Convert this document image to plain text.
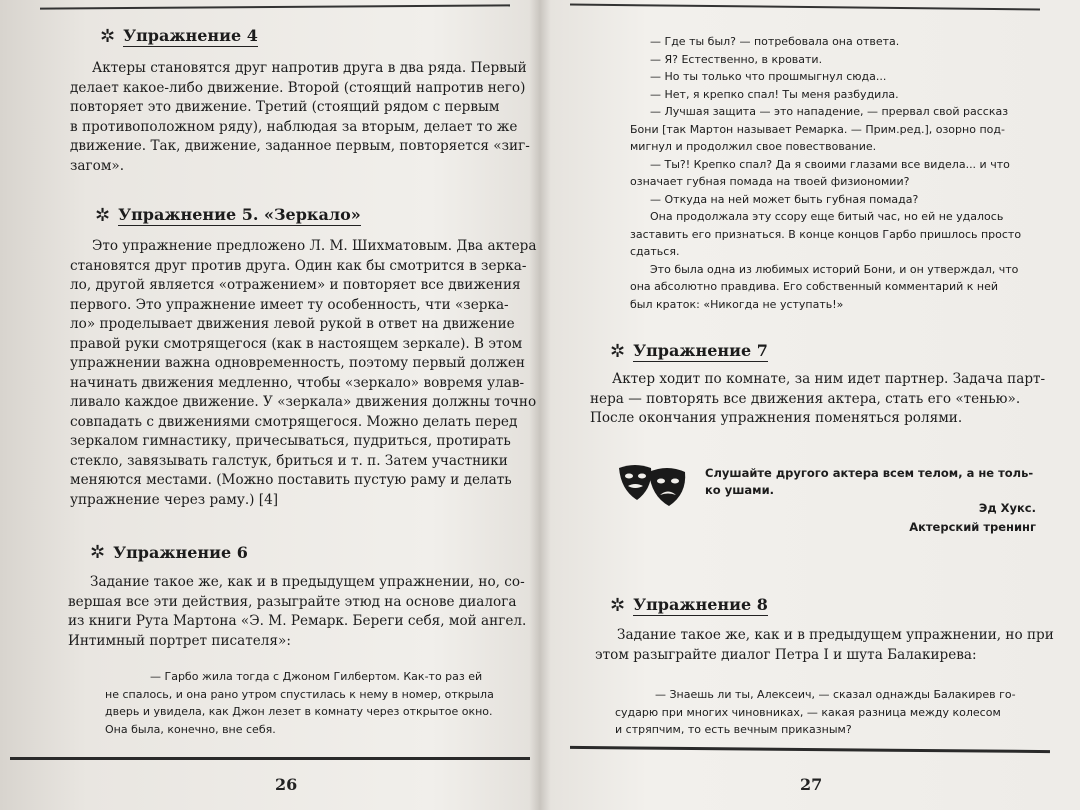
✲ Упражнение 4
Актеры становятся друг напротив друга в два ряда. Первый
делает какое-либо движение. Второй (стоящий напротив него)
повторяет это движение. Третий (стоящий рядом с первым
в противоположном ряду), наблюдая за вторым, делает то же
движение. Так, движение, заданное первым, повторяется «зиг-
загом».
✲ Упражнение 5. «Зеркало»
Это упражнение предложено Л. М. Шихматовым. Два актера
становятся друг против друга. Один как бы смотрится в зерка-
ло, другой является «отражением» и повторяет все движения
первого. Это упражнение имеет ту особенность, чти «зерка-
ло» проделывает движения левой рукой в ответ на движение
правой руки смотрящегося (как в настоящем зеркале). В этом
упражнении важна одновременность, поэтому первый должен
начинать движения медленно, чтобы «зеркало» вовремя улав-
ливало каждое движение. У «зеркала» движения должны точно
совпадать с движениями смотрящегося. Можно делать перед
зеркалом гимнастику, причесываться, пудриться, протирать
стекло, завязывать галстук, бриться и т. п. Затем участники
меняются местами. (Можно поставить пустую раму и делать
упражнение через раму.) [4]
✲ Упражнение 6
Задание такое же, как и в предыдущем упражнении, но, со-
вершая все эти действия, разыграйте этюд на основе диалога
из книги Рута Мартона «Э. М. Ремарк. Береги себя, мой ангел.
Интимный портрет писателя»:
— Гарбо жила тогда с Джоном Гилбертом. Как-то раз ей
не спалось, и она рано утром спустилась к нему в номер, открыла
дверь и увидела, как Джон лезет в комнату через открытое окно.
Она была, конечно, вне себя.
26
— Где ты был? — потребовала она ответа.
— Я? Естественно, в кровати.
— Но ты только что прошмыгнул сюда...
— Нет, я крепко спал! Ты меня разбудила.
— Лучшая защита — это нападение, — прервал свой рассказ
Бони [так Мартон называет Ремарка. — Прим.ред.], озорно под-
мигнул и продолжил свое повествование.
— Ты?! Крепко спал? Да я своими глазами все видела... и что
означает губная помада на твоей физиономии?
— Откуда на ней может быть губная помада?
Она продолжала эту ссору еще битый час, но ей не удалось
заставить его признаться. В конце концов Гарбо пришлось просто
сдаться.
Это была одна из любимых историй Бони, и он утверждал, что
она абсолютно правдива. Его собственный комментарий к ней
был краток: «Никогда не уступать!»
✲ Упражнение 7
Актер ходит по комнате, за ним идет партнер. Задача парт-
нера — повторять все движения актера, стать его «тенью».
После окончания упражнения поменяться ролями.
Слушайте другого актера всем телом, а не толь-
ко ушами.
Эд Хукс.
Актерский тренинг
✲ Упражнение 8
Задание такое же, как и в предыдущем упражнении, но при
этом разыграйте диалог Петра I и шута Балакирева:
— Знаешь ли ты, Алексеич, — сказал однажды Балакирев го-
сударю при многих чиновниках, — какая разница между колесом
и стряпчим, то есть вечным приказным?
27
